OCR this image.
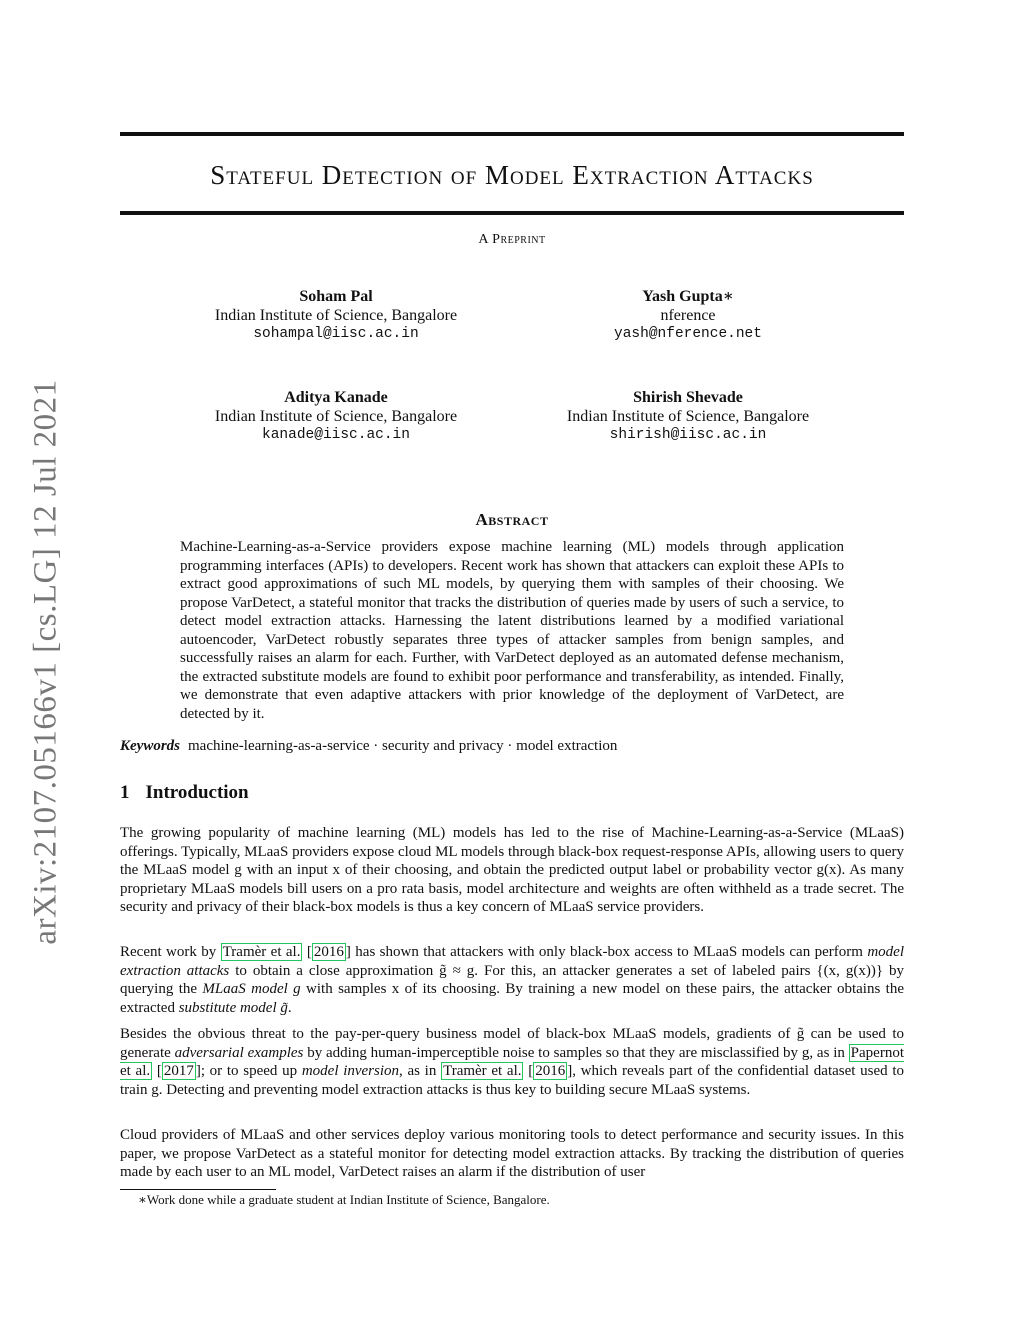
arXiv:2107.05166v1 [cs.LG] 12 Jul 2021
Stateful Detection of Model Extraction Attacks
A Preprint
Soham Pal
Indian Institute of Science, Bangalore
sohampal@iisc.ac.in
Yash Gupta∗
nference
yash@nference.net
Aditya Kanade
Indian Institute of Science, Bangalore
kanade@iisc.ac.in
Shirish Shevade
Indian Institute of Science, Bangalore
shirish@iisc.ac.in
Abstract
Machine-Learning-as-a-Service providers expose machine learning (ML) models through application programming interfaces (APIs) to developers. Recent work has shown that attackers can exploit these APIs to extract good approximations of such ML models, by querying them with samples of their choosing. We propose VarDetect, a stateful monitor that tracks the distribution of queries made by users of such a service, to detect model extraction attacks. Harnessing the latent distributions learned by a modified variational autoencoder, VarDetect robustly separates three types of attacker samples from benign samples, and successfully raises an alarm for each. Further, with VarDetect deployed as an automated defense mechanism, the extracted substitute models are found to exhibit poor performance and transferability, as intended. Finally, we demonstrate that even adaptive attackers with prior knowledge of the deployment of VarDetect, are detected by it.
Keywords machine-learning-as-a-service · security and privacy · model extraction
1 Introduction
The growing popularity of machine learning (ML) models has led to the rise of Machine-Learning-as-a-Service (MLaaS) offerings. Typically, MLaaS providers expose cloud ML models through black-box request-response APIs, allowing users to query the MLaaS model g with an input x of their choosing, and obtain the predicted output label or probability vector g(x). As many proprietary MLaaS models bill users on a pro rata basis, model architecture and weights are often withheld as a trade secret. The security and privacy of their black-box models is thus a key concern of MLaaS service providers.
Recent work by Tramèr et al. [ 2016 ] has shown that attackers with only black-box access to MLaaS models can perform model extraction attacks to obtain a close approximation g̃ ≈ g. For this, an attacker generates a set of labeled pairs {(x, g(x))} by querying the MLaaS model g with samples x of its choosing. By training a new model on these pairs, the attacker obtains the extracted substitute model g̃.
Besides the obvious threat to the pay-per-query business model of black-box MLaaS models, gradients of g̃ can be used to generate adversarial examples by adding human-imperceptible noise to samples so that they are misclassified by g, as in Papernot et al. [ 2017 ]; or to speed up model inversion, as in Tramèr et al. [ 2016 ], which reveals part of the confidential dataset used to train g. Detecting and preventing model extraction attacks is thus key to building secure MLaaS systems.
Cloud providers of MLaaS and other services deploy various monitoring tools to detect performance and security issues. In this paper, we propose VarDetect as a stateful monitor for detecting model extraction attacks. By tracking the distribution of queries made by each user to an ML model, VarDetect raises an alarm if the distribution of user
∗Work done while a graduate student at Indian Institute of Science, Bangalore.
